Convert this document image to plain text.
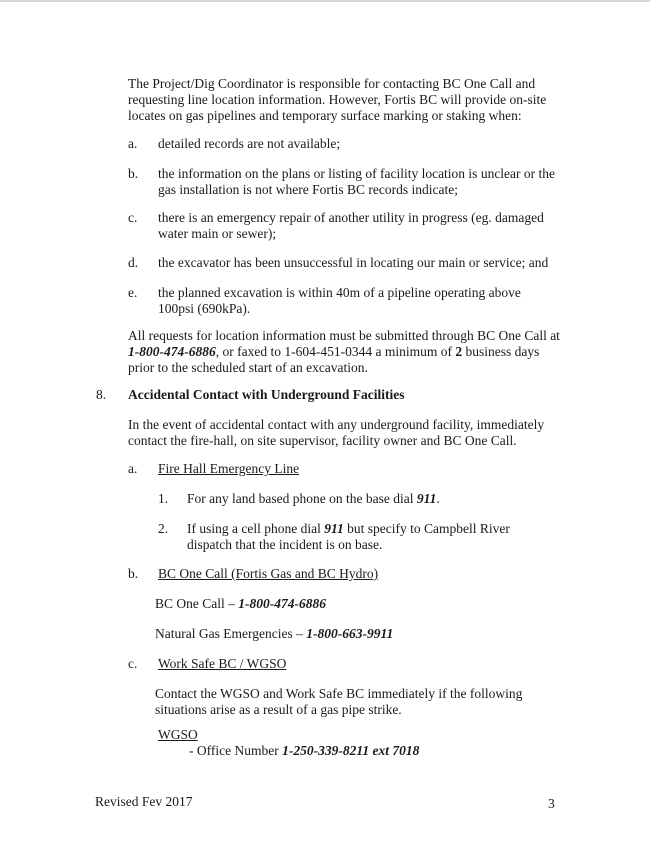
The Project/Dig Coordinator is responsible for contacting BC One Call and requesting line location information. However, Fortis BC will provide on-site locates on gas pipelines and temporary surface marking or staking when:

a. detailed records are not available;

b. the information on the plans or listing of facility location is unclear or the gas installation is not where Fortis BC records indicate;

c. there is an emergency repair of another utility in progress (eg. damaged water main or sewer);

d. the excavator has been unsuccessful in locating our main or service; and

e. the planned excavation is within 40m of a pipeline operating above 100psi (690kPa).

All requests for location information must be submitted through BC One Call at 1-800-474-6886, or faxed to 1-604-451-0344 a minimum of 2 business days prior to the scheduled start of an excavation.

8. Accidental Contact with Underground Facilities

In the event of accidental contact with any underground facility, immediately contact the fire-hall, on site supervisor, facility owner and BC One Call.

a. Fire Hall Emergency Line
1. For any land based phone on the base dial 911.

2. If using a cell phone dial 911 but specify to Campbell River dispatch that the incident is on base.

b. BC One Call (Fortis Gas and BC Hydro)

BC One Call – 1-800-474-6886

Natural Gas Emergencies – 1-800-663-9911

c. Work Safe BC / WGSO

Contact the WGSO and Work Safe BC immediately if the following situations arise as a result of a gas pipe strike.

WGSO

- Office Number 1-250-339-8211 ext 7018

Revised Fev 2017	3
